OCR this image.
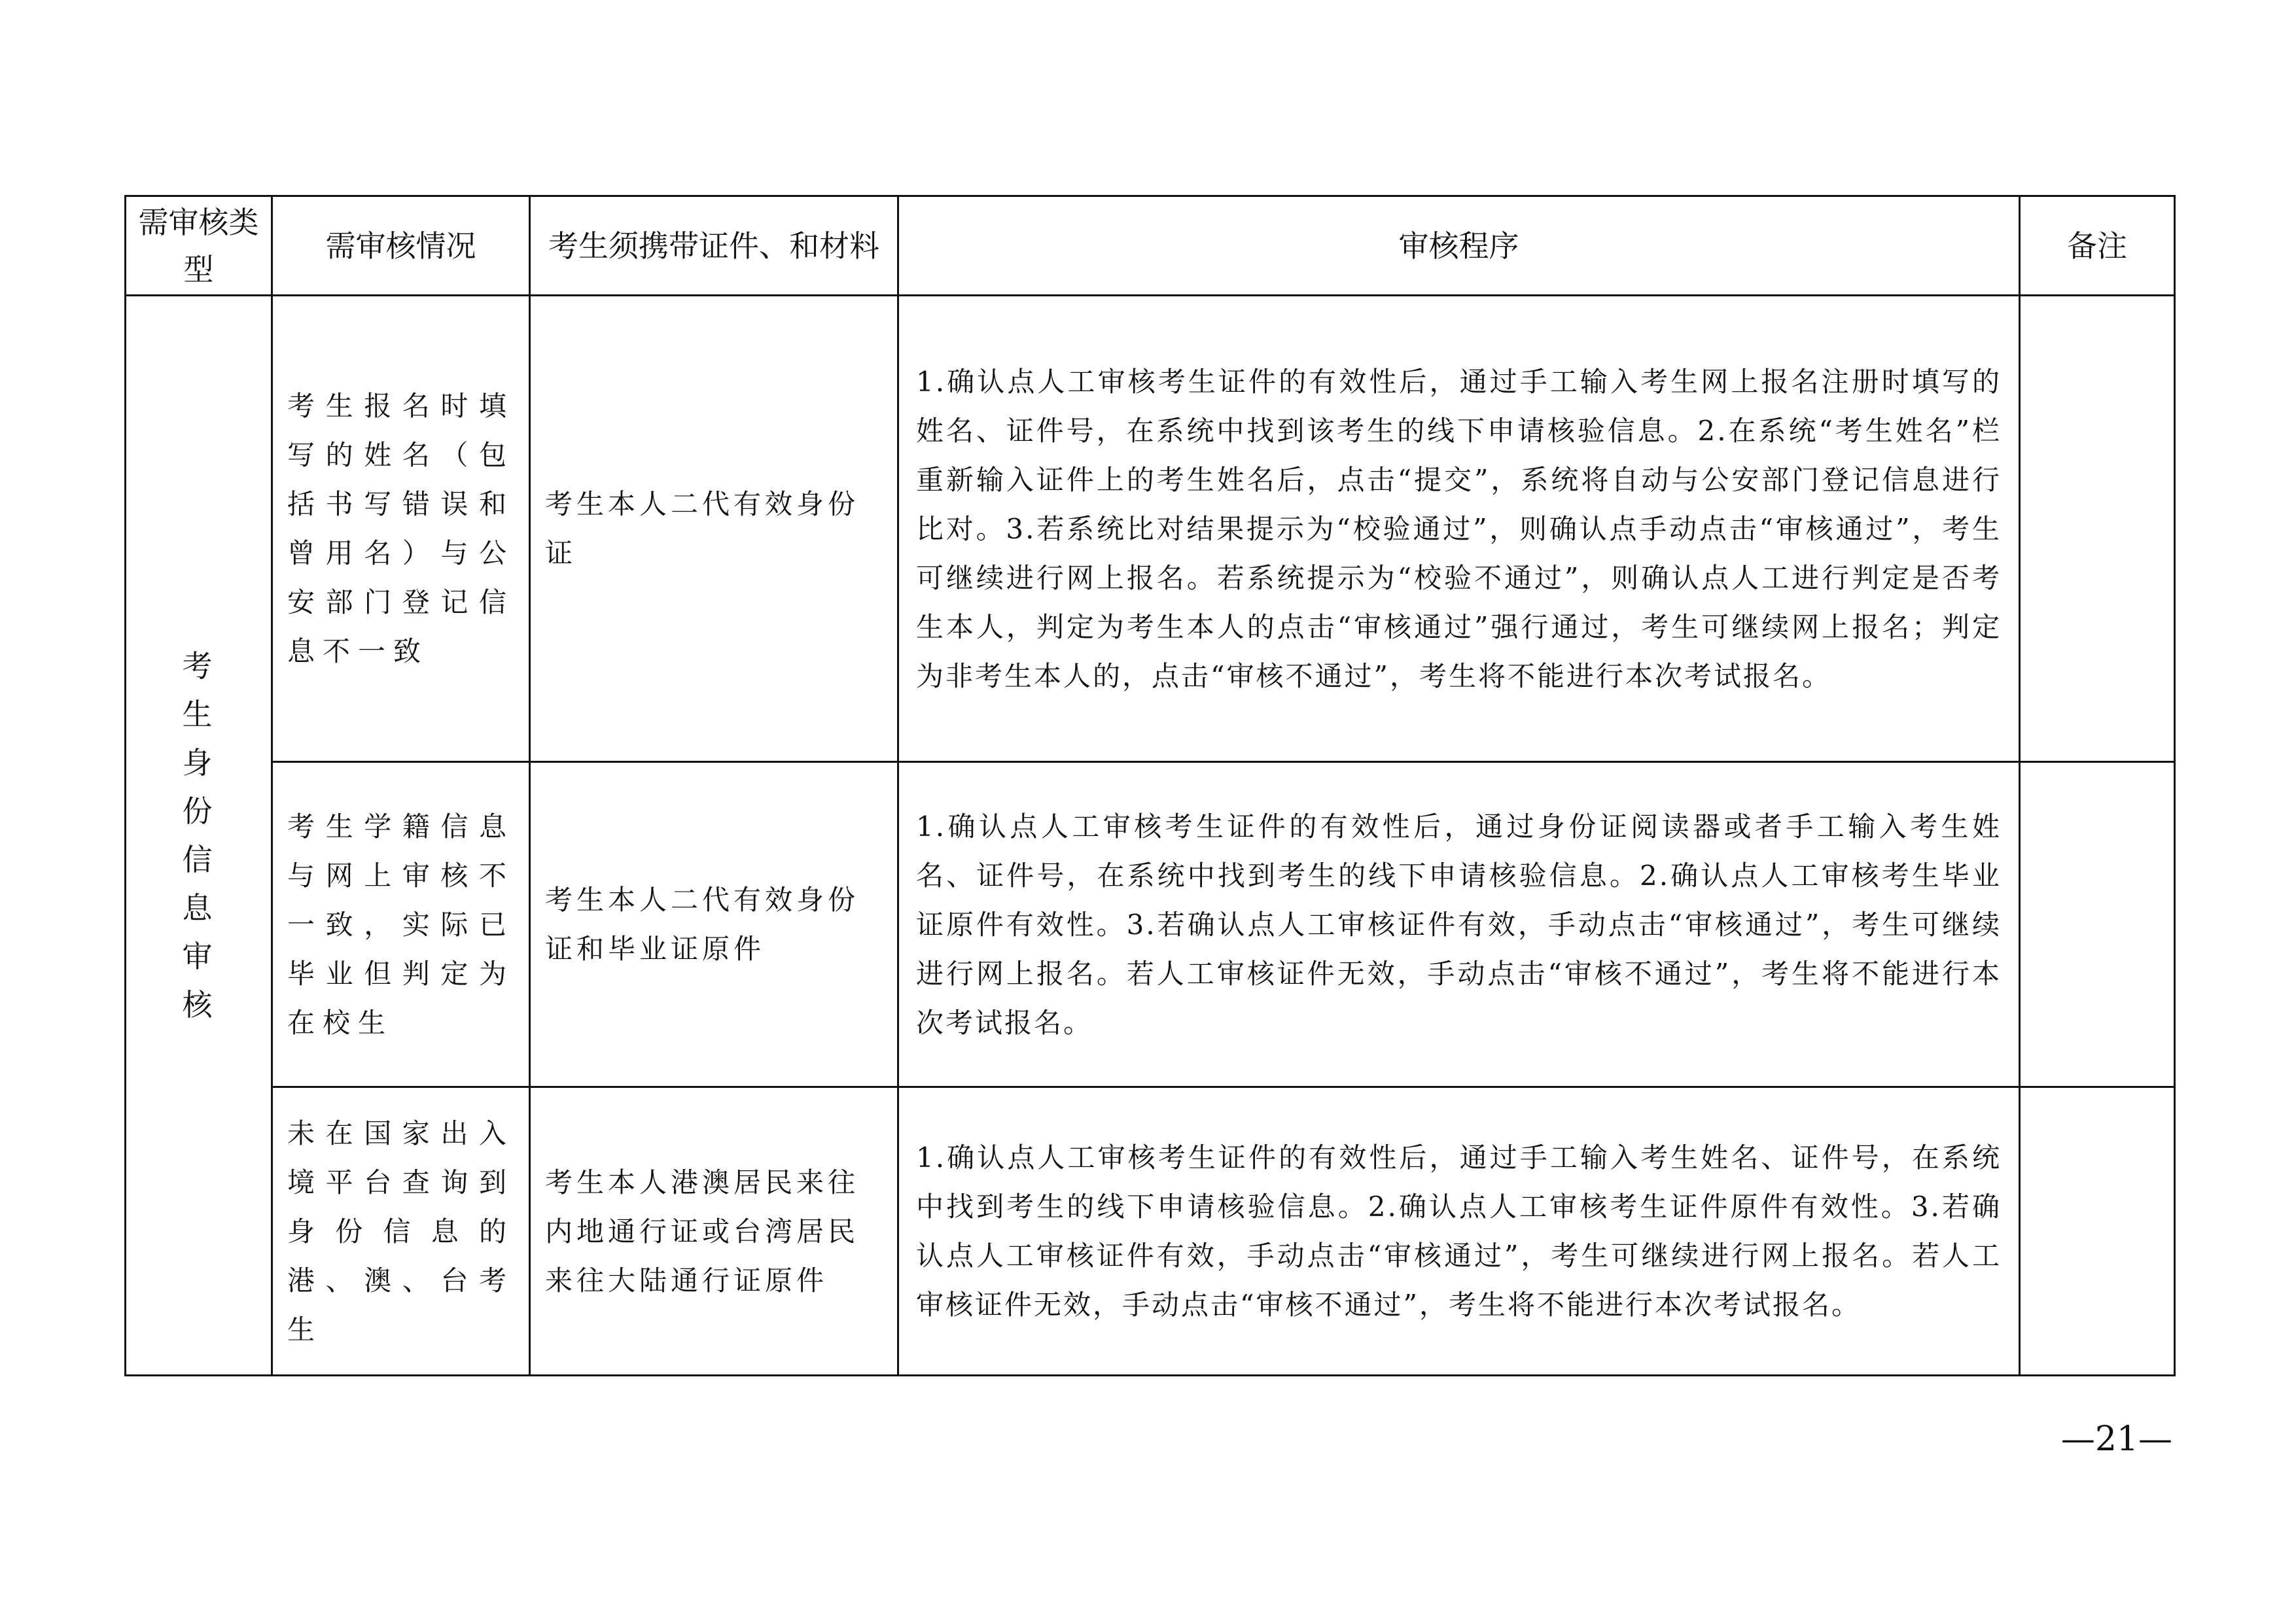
需审核类型	需审核情况	考生须携带证件、和材料	审核程序	备注
考生身份信息审核	考生报名时填写的姓名（包括书写错误和曾用名）与公安部门登记信息不一致	考生本人二代有效身份证	1.确认点人工审核考生证件的有效性后，通过手工输入考生网上报名注册时填写的姓名、证件号，在系统中找到该考生的线下申请核验信息。2.在系统“考生姓名”栏重新输入证件上的考生姓名后，点击“提交”，系统将自动与公安部门登记信息进行比对。3.若系统比对结果提示为“校验通过”，则确认点手动点击“审核通过”，考生可继续进行网上报名。若系统提示为“校验不通过”，则确认点人工进行判定是否考生本人，判定为考生本人的点击“审核通过”强行通过，考生可继续网上报名；判定为非考生本人的，点击“审核不通过”，考生将不能进行本次考试报名。	

	考生学籍信息与网上审核不一致，实际已毕业但判定为在校生	考生本人二代有效身份证和毕业证原件	1.确认点人工审核考生证件的有效性后，通过身份证阅读器或者手工输入考生姓名、证件号，在系统中找到考生的线下申请核验信息。2.确认点人工审核考生毕业证原件有效性。3.若确认点人工审核证件有效，手动点击“审核通过”，考生可继续进行网上报名。若人工审核证件无效，手动点击“审核不通过”，考生将不能进行本次考试报名。	

	未在国家出入境平台查询到身份信息的港、澳、台考生	考生本人港澳居民来往内地通行证或台湾居民来往大陆通行证原件	1.确认点人工审核考生证件的有效性后，通过手工输入考生姓名、证件号，在系统中找到考生的线下申请核验信息。2.确认点人工审核考生证件原件有效性。3.若确认点人工审核证件有效，手动点击“审核通过”，考生可继续进行网上报名。若人工审核证件无效，手动点击“审核不通过”，考生将不能进行本次考试报名。	

—21—
